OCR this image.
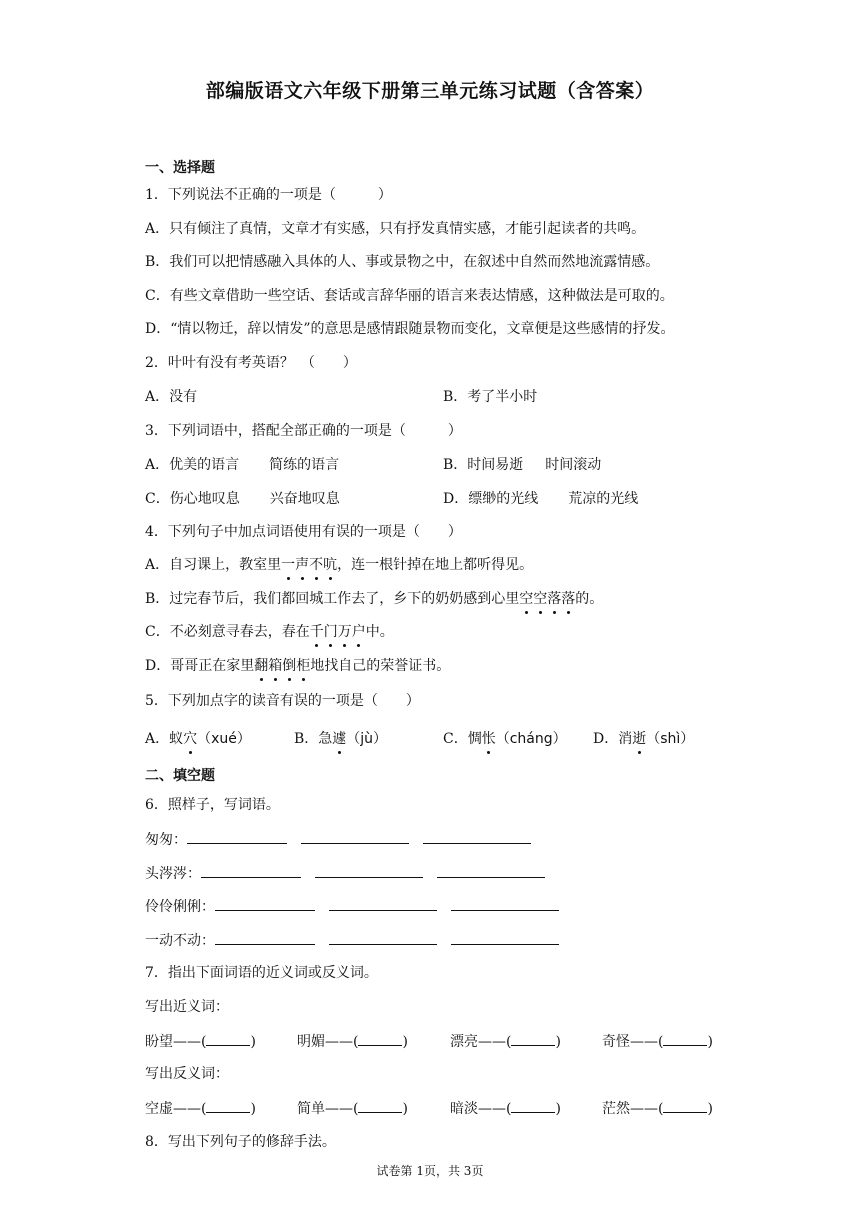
部编版语文六年级下册第三单元练习试题（含答案）
一、选择题
1．下列说法不正确的一项是（　　　）
A．只有倾注了真情，文章才有实感，只有抒发真情实感，才能引起读者的共鸣。
B．我们可以把情感融入具体的人、事或景物之中，在叙述中自然而然地流露情感。
C．有些文章借助一些空话、套话或言辞华丽的语言来表达情感，这种做法是可取的。
D．“情以物迁，辞以情发”的意思是感情跟随景物而变化，文章便是这些感情的抒发。
2．叶叶有没有考英语？　（　　）
A．没有	B．考了半小时
3．下列词语中，搭配全部正确的一项是（　　　）
A．优美的语言 简练的语言	B．时间易逝 时间滚动
C．伤心地叹息 兴奋地叹息	D．缥缈的光线 荒凉的光线
4．下列句子中加点词语使用有误的一项是（　　）
A．自习课上，教室里一声不吭，连一根针掉在地上都听得见。
B．过完春节后，我们都回城工作去了，乡下的奶奶感到心里空空落落的。
C．不必刻意寻春去，春在千门万户中。
D．哥哥正在家里翻箱倒柜地找自己的荣誉证书。
5．下列加点字的读音有误的一项是（　　）
A．蚁穴（xué）	B．急遽（jù）	C．惆怅（cháng） D．消逝（shì）
二、填空题
6．照样子，写词语。
匆匆：
头涔涔：
伶伶俐俐：
一动不动：
7．指出下面词语的近义词或反义词。
写出近义词：
盼望——(	)	明媚——(	)	漂亮——(	)	奇怪——(	)
写出反义词：
空虚——(	)	简单——(	)	暗淡——(	)	茫然——(	)
8．写出下列句子的修辞手法。
试卷第 1页，共 3页
